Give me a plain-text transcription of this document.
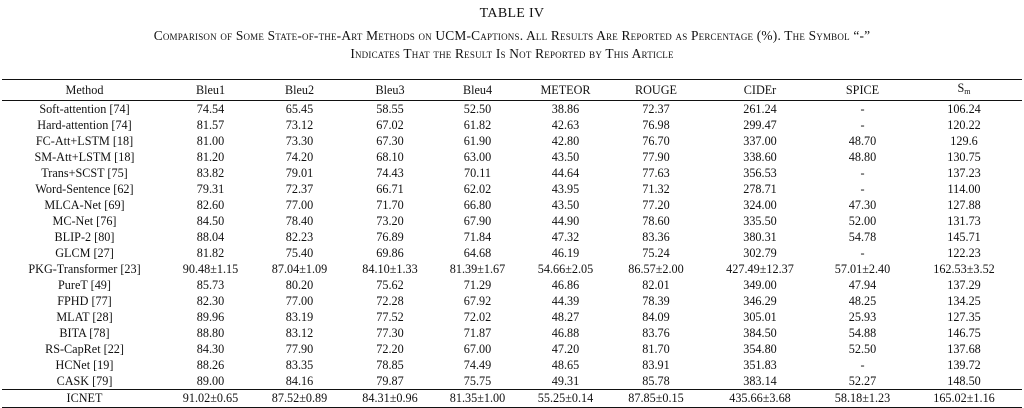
TABLE IV
Comparison of Some State-of-the-Art Methods on UCM-Captions. All Results Are Reported as Percentage (%). The Symbol “-”
Indicates That the Result Is Not Reported by This Article
Method	Bleu1	Bleu2	Bleu3	Bleu4	METEOR	ROUGE	CIDEr	SPICE	$S_m$
Soft-attention [74]	74.54	65.45	58.55	52.50	38.86	72.37	261.24	-	106.24
Hard-attention [74]	81.57	73.12	67.02	61.82	42.63	76.98	299.47	-	120.22
FC-Att+LSTM [18]	81.00	73.30	67.30	61.90	42.80	76.70	337.00	48.70	129.6
SM-Att+LSTM [18]	81.20	74.20	68.10	63.00	43.50	77.90	338.60	48.80	130.75
Trans+SCST [75]	83.82	79.01	74.43	70.11	44.64	77.63	356.53	-	137.23
Word-Sentence [62]	79.31	72.37	66.71	62.02	43.95	71.32	278.71	-	114.00
MLCA-Net [69]	82.60	77.00	71.70	66.80	43.50	77.20	324.00	47.30	127.88
MC-Net [76]	84.50	78.40	73.20	67.90	44.90	78.60	335.50	52.00	131.73
BLIP-2 [80]	88.04	82.23	76.89	71.84	47.32	83.36	380.31	54.78	145.71
GLCM [27]	81.82	75.40	69.86	64.68	46.19	75.24	302.79	-	122.23
PKG-Transformer [23]	90.48±1.15	87.04±1.09	84.10±1.33	81.39±1.67	54.66±2.05	86.57±2.00	427.49±12.37	57.01±2.40	162.53±3.52
PureT [49]	85.73	80.20	75.62	71.29	46.86	82.01	349.00	47.94	137.29
FPHD [77]	82.30	77.00	72.28	67.92	44.39	78.39	346.29	48.25	134.25
MLAT [28]	89.96	83.19	77.52	72.02	48.27	84.09	305.01	25.93	127.35
BITA [78]	88.80	83.12	77.30	71.87	46.88	83.76	384.50	54.88	146.75
RS-CapRet [22]	84.30	77.90	72.20	67.00	47.20	81.70	354.80	52.50	137.68
HCNet [19]	88.26	83.35	78.85	74.49	48.65	83.91	351.83	-	139.72
CASK [79]	89.00	84.16	79.87	75.75	49.31	85.78	383.14	52.27	148.50
ICNET	91.02±0.65	87.52±0.89	84.31±0.96	81.35±1.00	55.25±0.14	87.85±0.15	435.66±3.68	58.18±1.23	165.02±1.16
